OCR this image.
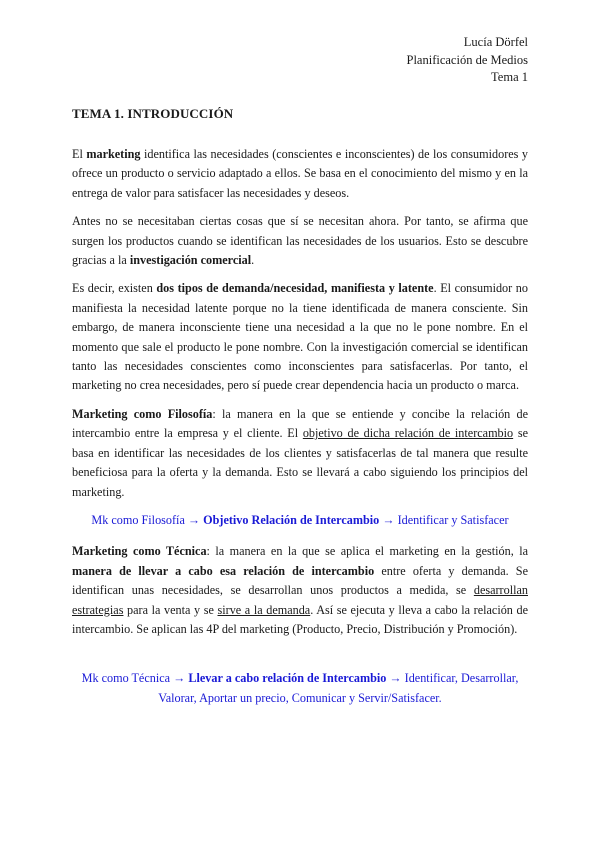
Lucía Dörfel
Planificación de Medios
Tema 1
TEMA 1. INTRODUCCIÓN

El marketing identifica las necesidades (conscientes e inconscientes) de los consumidores y ofrece un producto o servicio adaptado a ellos. Se basa en el conocimiento del mismo y en la entrega de valor para satisfacer las necesidades y deseos.

Antes no se necesitaban ciertas cosas que sí se necesitan ahora. Por tanto, se afirma que surgen los productos cuando se identifican las necesidades de los usuarios. Esto se descubre gracias a la investigación comercial.

Es decir, existen dos tipos de demanda/necesidad, manifiesta y latente. El consumidor no manifiesta la necesidad latente porque no la tiene identificada de manera consciente. Sin embargo, de manera inconsciente tiene una necesidad a la que no le pone nombre. En el momento que sale el producto le pone nombre. Con la investigación comercial se identifican tanto las necesidades conscientes como inconscientes para satisfacerlas. Por tanto, el marketing no crea necesidades, pero sí puede crear dependencia hacia un producto o marca.

Marketing como Filosofía: la manera en la que se entiende y concibe la relación de intercambio entre la empresa y el cliente. El objetivo de dicha relación de intercambio se basa en identificar las necesidades de los clientes y satisfacerlas de tal manera que resulte beneficiosa para la oferta y la demanda. Esto se llevará a cabo siguiendo los principios del marketing.

Mk como Filosofía → Objetivo Relación de Intercambio → Identificar y Satisfacer

Marketing como Técnica: la manera en la que se aplica el marketing en la gestión, la manera de llevar a cabo esa relación de intercambio entre oferta y demanda. Se identifican unas necesidades, se desarrollan unos productos a medida, se desarrollan estrategias para la venta y se sirve a la demanda. Así se ejecuta y lleva a cabo la relación de intercambio. Se aplican las 4P del marketing (Producto, Precio, Distribución y Promoción).

Mk como Técnica → Llevar a cabo relación de Intercambio → Identificar, Desarrollar, Valorar, Aportar un precio, Comunicar y Servir/Satisfacer.
